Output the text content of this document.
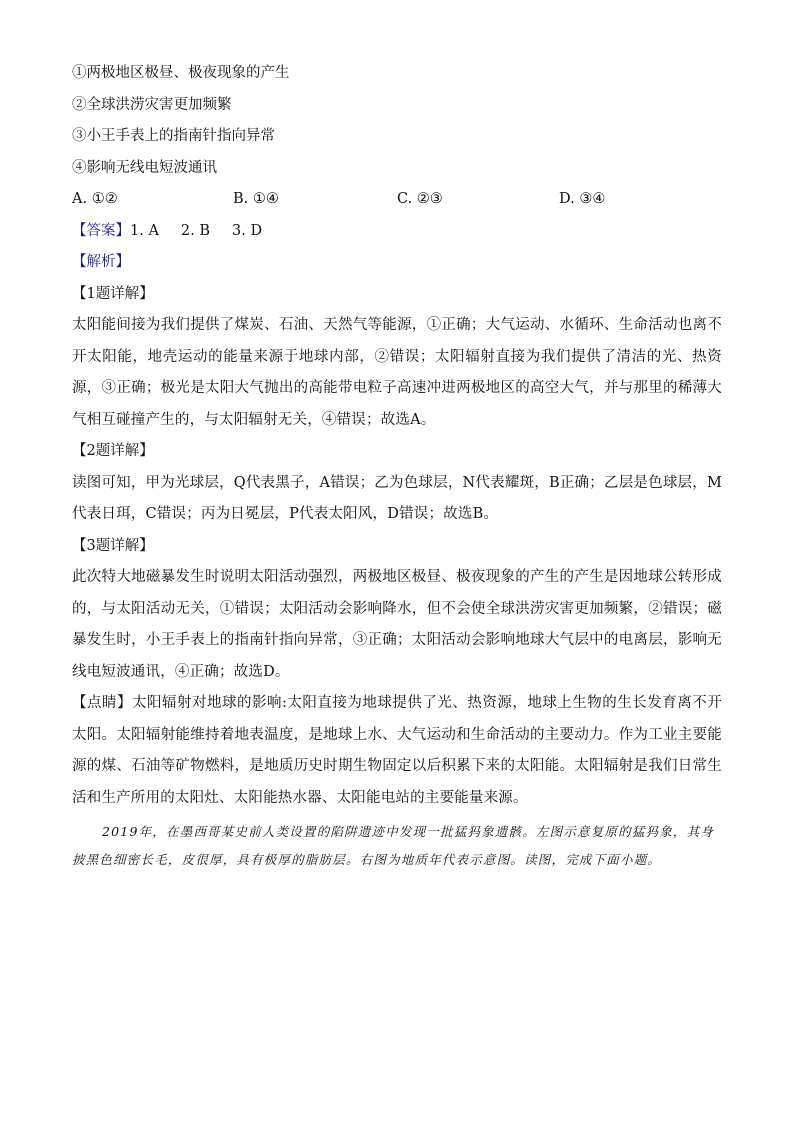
①两极地区极昼、极夜现象的产生
②全球洪涝灾害更加频繁
③小王手表上的指南针指向异常
④影响无线电短波通讯
A. ①②	B. ①④	C. ②③	D. ③④
【答案】1. A 2. B 3. D
【解析】
【1题详解】
太阳能间接为我们提供了煤炭、石油、天然气等能源，①正确；大气运动、水循环、生命活动也离不开太阳能，地壳运动的能量来源于地球内部，②错误；太阳辐射直接为我们提供了清洁的光、热资源，③正确；极光是太阳大气抛出的高能带电粒子高速冲进两极地区的高空大气，并与那里的稀薄大气相互碰撞产生的，与太阳辐射无关，④错误；故选A。
【2题详解】
读图可知，甲为光球层，Q代表黑子，A错误；乙为色球层，N代表耀斑，B正确；乙层是色球层，M代表日珥，C错误；丙为日冕层，P代表太阳风，D错误；故选B。
【3题详解】
此次特大地磁暴发生时说明太阳活动强烈，两极地区极昼、极夜现象的产生的产生是因地球公转形成的，与太阳活动无关，①错误；太阳活动会影响降水，但不会使全球洪涝灾害更加频繁，②错误；磁暴发生时，小王手表上的指南针指向异常，③正确；太阳活动会影响地球大气层中的电离层，影响无线电短波通讯，④正确；故选D。
【点睛】太阳辐射对地球的影响:太阳直接为地球提供了光、热资源，地球上生物的生长发育离不开太阳。太阳辐射能维持着地表温度，是地球上水、大气运动和生命活动的主要动力。作为工业主要能源的煤、石油等矿物燃料，是地质历史时期生物固定以后积累下来的太阳能。太阳辐射是我们日常生活和生产所用的太阳灶、太阳能热水器、太阳能电站的主要能量来源。
2019年，在墨西哥某史前人类设置的陷阱遗迹中发现一批猛犸象遗骸。左图示意复原的猛犸象，其身披黑色细密长毛，皮很厚，具有极厚的脂肪层。右图为地质年代表示意图。读图，完成下面小题。
